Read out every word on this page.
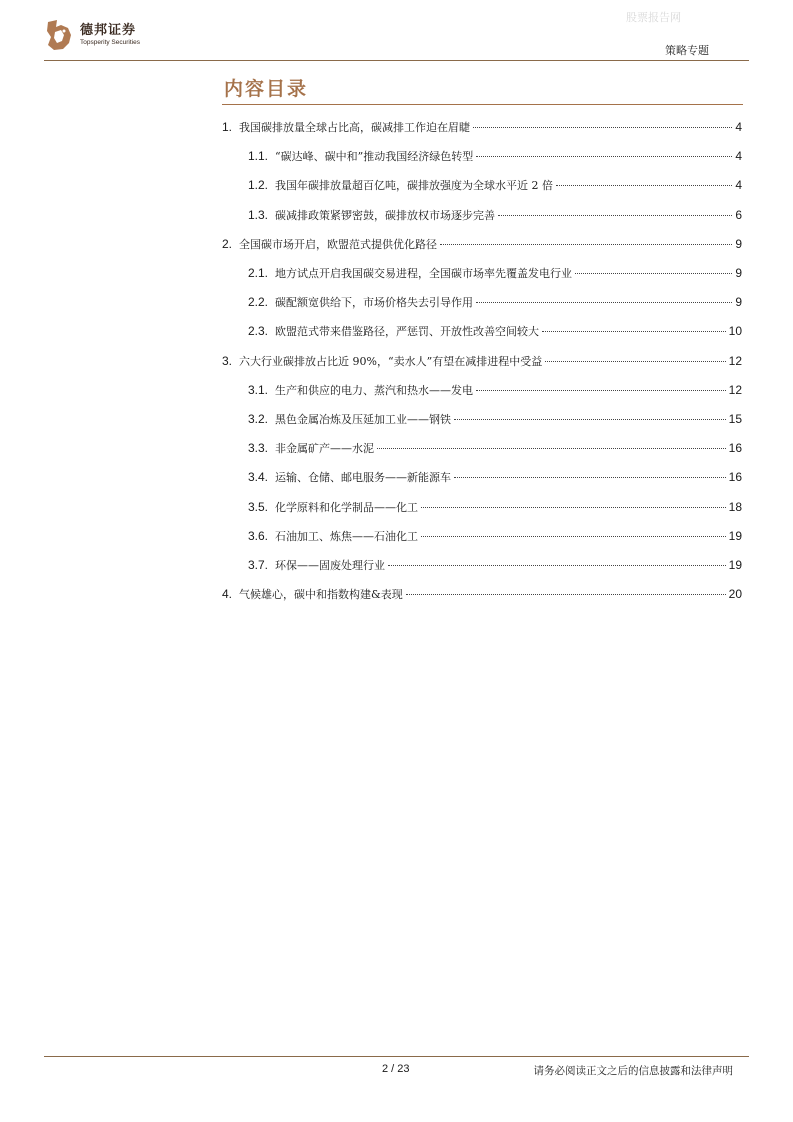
德邦证券
Topsperity Securities
股票报告网
策略专题
内容目录
1. 我国碳排放量全球占比高，碳减排工作迫在眉睫	4
1.1. “碳达峰、碳中和”推动我国经济绿色转型	4
1.2. 我国年碳排放量超百亿吨，碳排放强度为全球水平近 2 倍	4
1.3. 碳减排政策紧锣密鼓，碳排放权市场逐步完善	6
2. 全国碳市场开启，欧盟范式提供优化路径	9
2.1. 地方试点开启我国碳交易进程，全国碳市场率先覆盖发电行业	9
2.2. 碳配额宽供给下，市场价格失去引导作用	9
2.3. 欧盟范式带来借鉴路径，严惩罚、开放性改善空间较大	10
3. 六大行业碳排放占比近 90%，“卖水人”有望在减排进程中受益	12
3.1. 生产和供应的电力、蒸汽和热水——发电	12
3.2. 黑色金属冶炼及压延加工业——钢铁	15
3.3. 非金属矿产——水泥	16
3.4. 运输、仓储、邮电服务——新能源车	16
3.5. 化学原料和化学制品——化工	18
3.6. 石油加工、炼焦——石油化工	19
3.7. 环保——固废处理行业	19
4. 气候雄心，碳中和指数构建&表现	20
2 / 23	请务必阅读正文之后的信息披露和法律声明
